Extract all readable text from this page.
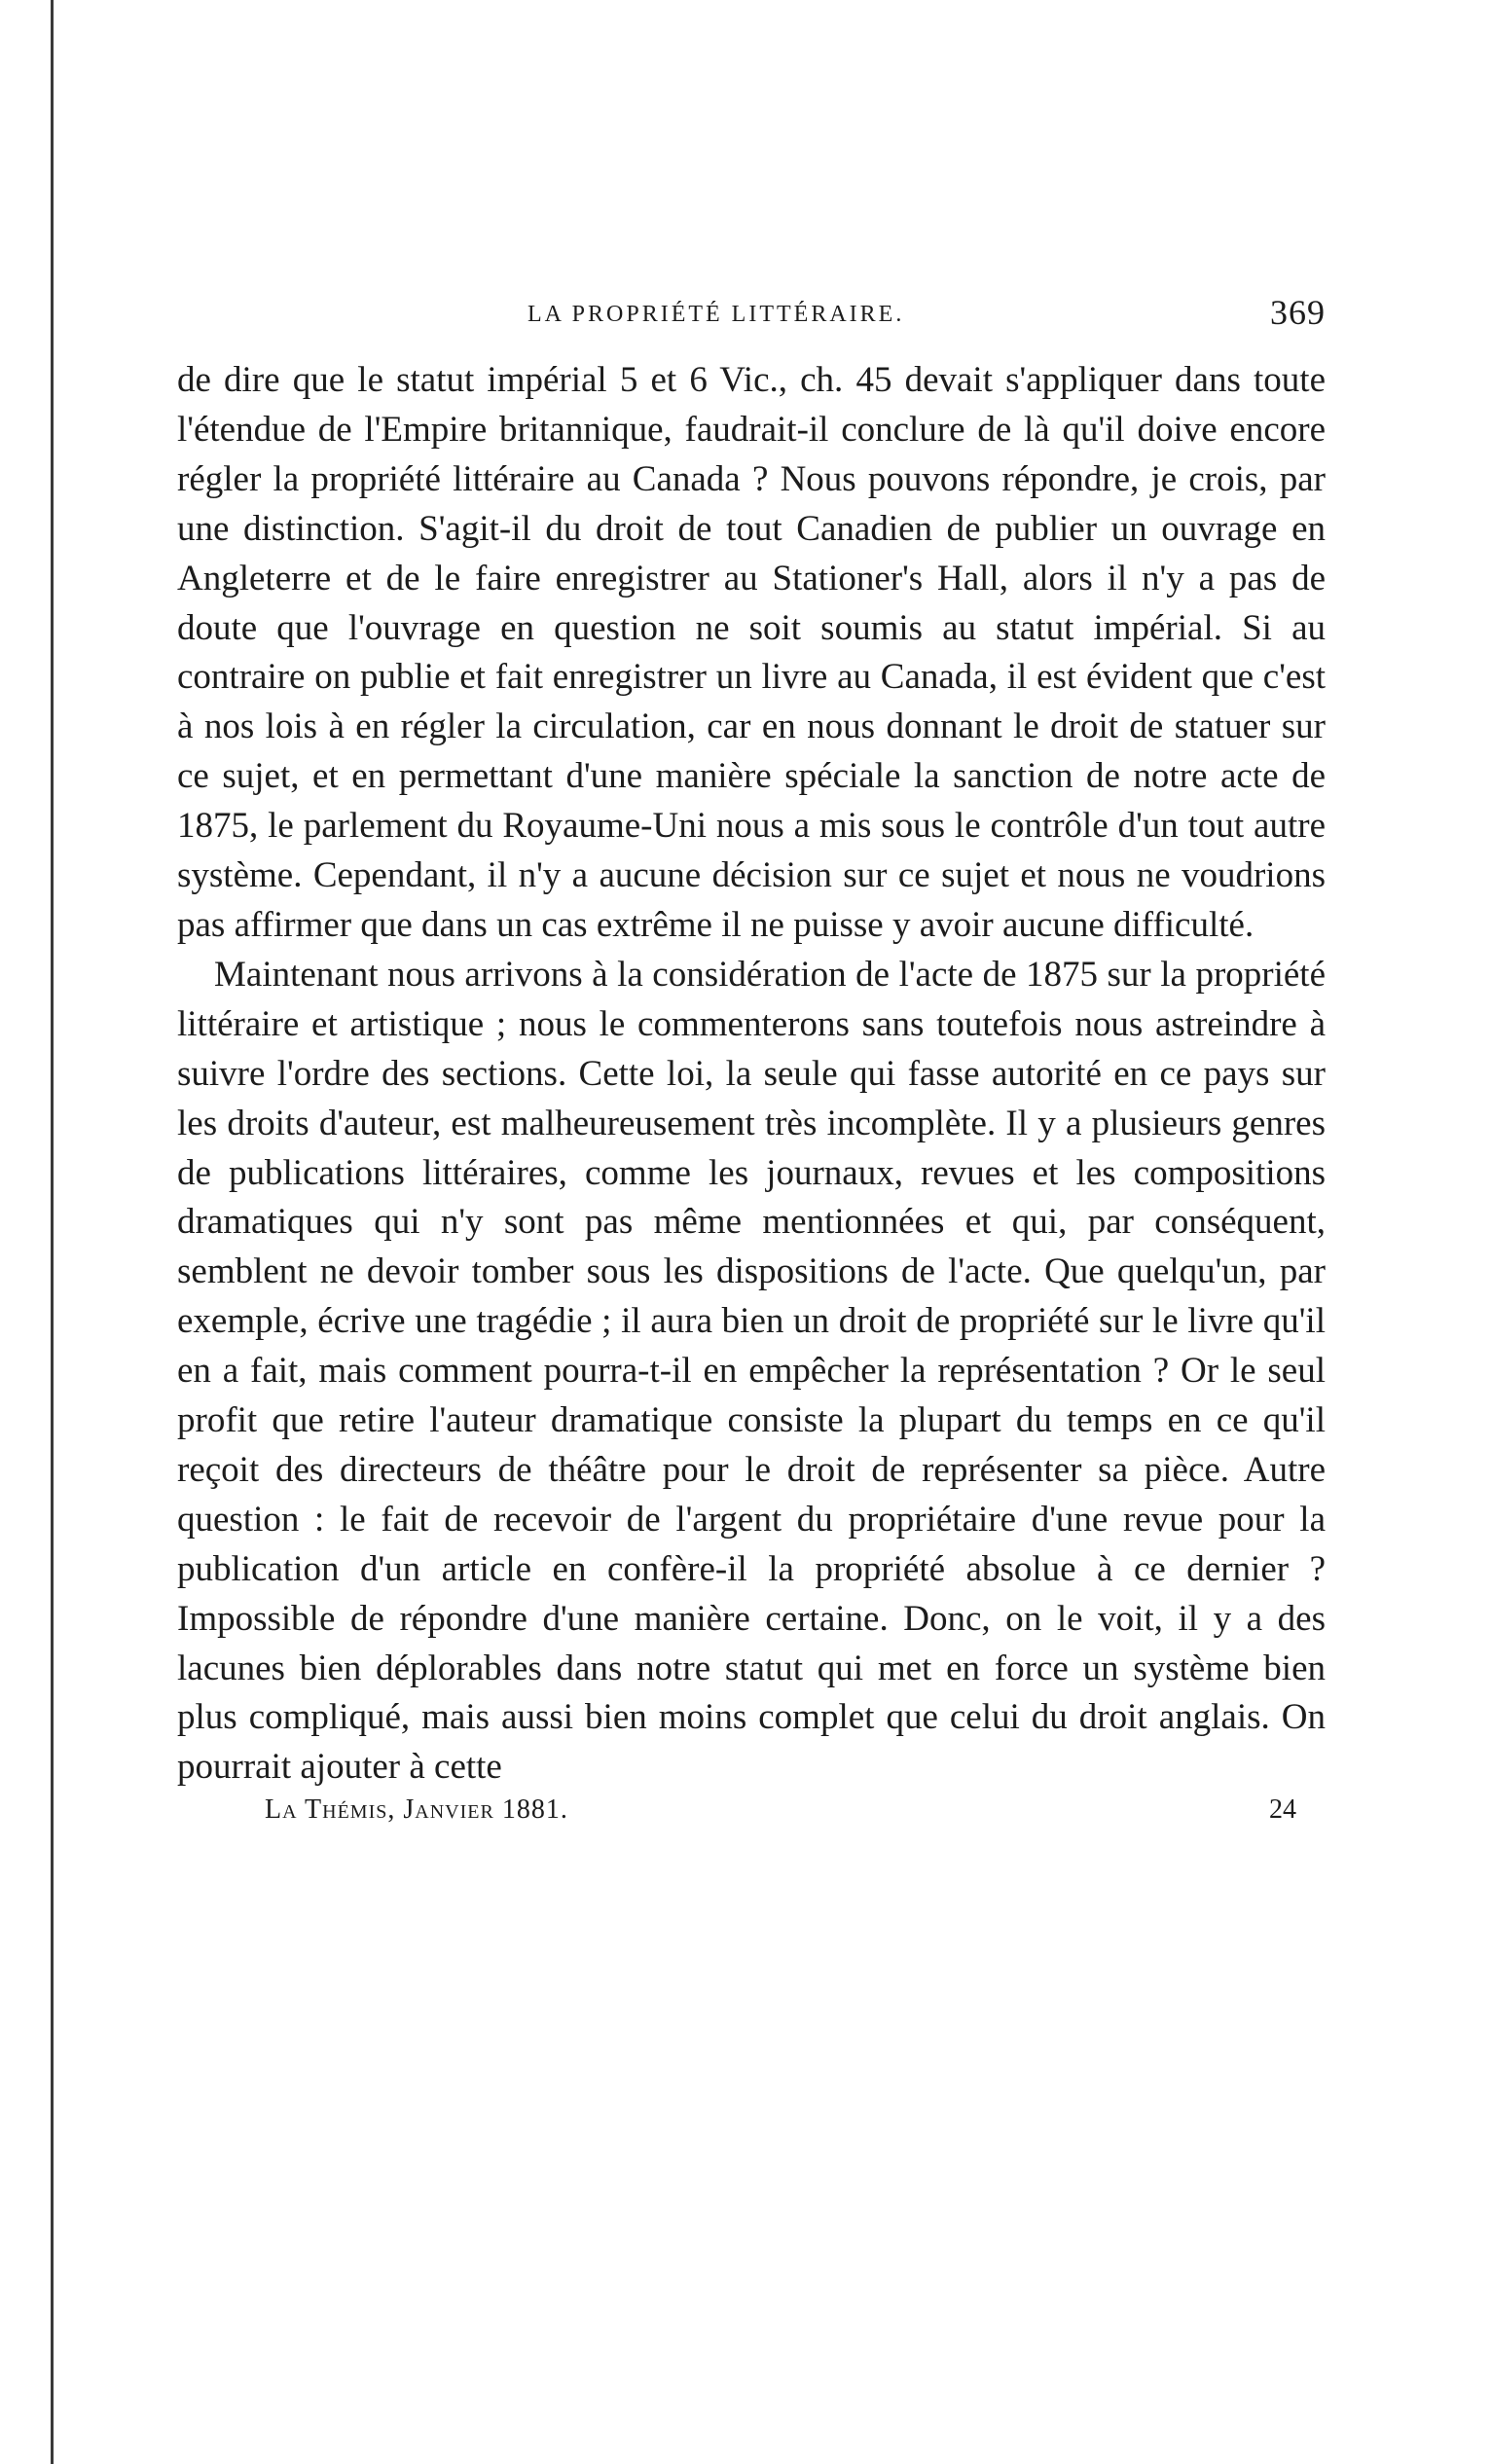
LA PROPRIÉTÉ LITTÉRAIRE.	369

de dire que le statut impérial 5 et 6 Vic., ch. 45 devait s'appliquer dans toute l'étendue de l'Empire britannique, faudrait-il conclure de là qu'il doive encore régler la propriété littéraire au Canada ? Nous pouvons répondre, je crois, par une distinction. S'agit-il du droit de tout Canadien de publier un ouvrage en Angleterre et de le faire enregistrer au Stationer's Hall, alors il n'y a pas de doute que l'ouvrage en question ne soit soumis au statut impérial. Si au contraire on publie et fait enregistrer un livre au Canada, il est évident que c'est à nos lois à en régler la circulation, car en nous donnant le droit de statuer sur ce sujet, et en permettant d'une manière spéciale la sanction de notre acte de 1875, le parlement du Royaume-Uni nous a mis sous le contrôle d'un tout autre système. Cependant, il n'y a aucune décision sur ce sujet et nous ne voudrions pas affirmer que dans un cas extrême il ne puisse y avoir aucune difficulté.

Maintenant nous arrivons à la considération de l'acte de 1875 sur la propriété littéraire et artistique ; nous le commenterons sans toutefois nous astreindre à suivre l'ordre des sections. Cette loi, la seule qui fasse autorité en ce pays sur les droits d'auteur, est malheureusement très incomplète. Il y a plusieurs genres de publications littéraires, comme les journaux, revues et les compositions dramatiques qui n'y sont pas même mentionnées et qui, par conséquent, semblent ne devoir tomber sous les dispositions de l'acte. Que quelqu'un, par exemple, écrive une tragédie ; il aura bien un droit de propriété sur le livre qu'il en a fait, mais comment pourra-t-il en empêcher la représentation ? Or le seul profit que retire l'auteur dramatique consiste la plupart du temps en ce qu'il reçoit des directeurs de théâtre pour le droit de représenter sa pièce. Autre question : le fait de recevoir de l'argent du propriétaire d'une revue pour la publication d'un article en confère-il la propriété absolue à ce dernier ? Impossible de répondre d'une manière certaine. Donc, on le voit, il y a des lacunes bien déplorables dans notre statut qui met en force un système bien plus compliqué, mais aussi bien moins complet que celui du droit anglais. On pourrait ajouter à cette

La Thémis, Janvier 1881.	24
